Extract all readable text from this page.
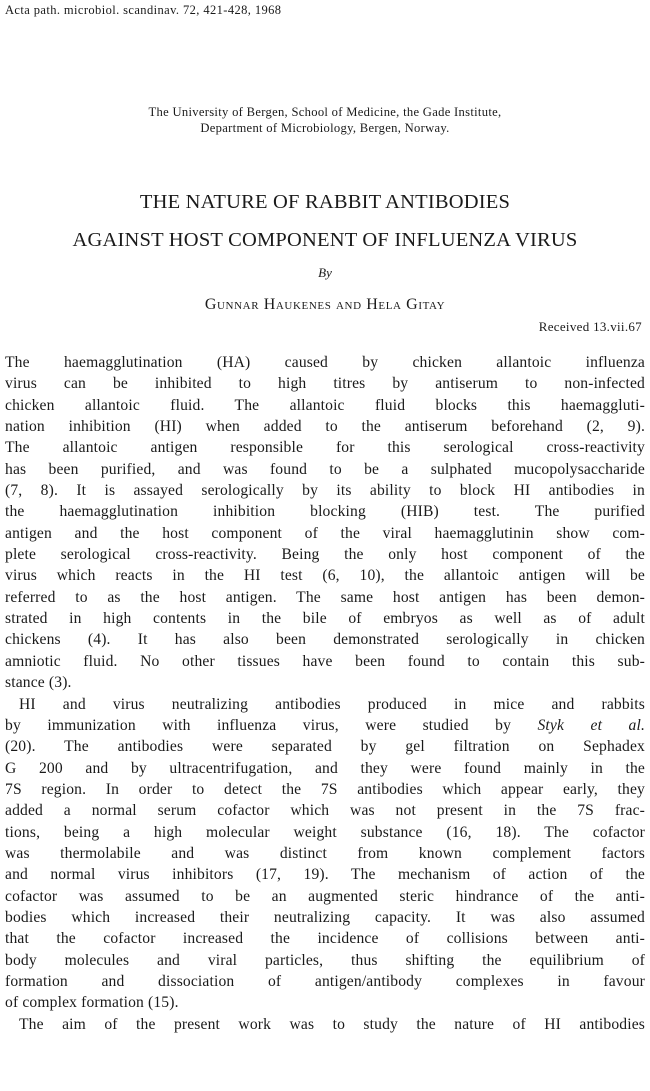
Acta path. microbiol. scandinav. 72, 421-428, 1968
The University of Bergen, School of Medicine, the Gade Institute,
Department of Microbiology, Bergen, Norway.
THE NATURE OF RABBIT ANTIBODIES
AGAINST HOST COMPONENT OF INFLUENZA VIRUS
By
Gunnar Haukenes and Hela Gitay
Received 13.vii.67
The haemagglutination (HA) caused by chicken allantoic influenza
virus can be inhibited to high titres by antiserum to non-infected
chicken allantoic fluid. The allantoic fluid blocks this haemaggluti-
nation inhibition (HI) when added to the antiserum beforehand (2, 9).
The allantoic antigen responsible for this serological cross-reactivity
has been purified, and was found to be a sulphated mucopolysaccharide
(7, 8). It is assayed serologically by its ability to block HI antibodies in
the haemagglutination inhibition blocking (HIB) test. The purified
antigen and the host component of the viral haemagglutinin show com-
plete serological cross-reactivity. Being the only host component of the
virus which reacts in the HI test (6, 10), the allantoic antigen will be
referred to as the host antigen. The same host antigen has been demon-
strated in high contents in the bile of embryos as well as of adult
chickens (4). It has also been demonstrated serologically in chicken
amniotic fluid. No other tissues have been found to contain this sub-
stance (3).
HI and virus neutralizing antibodies produced in mice and rabbits
by immunization with influenza virus, were studied by Styk et al.
(20). The antibodies were separated by gel filtration on Sephadex
G 200 and by ultracentrifugation, and they were found mainly in the
7S region. In order to detect the 7S antibodies which appear early, they
added a normal serum cofactor which was not present in the 7S frac-
tions, being a high molecular weight substance (16, 18). The cofactor
was thermolabile and was distinct from known complement factors
and normal virus inhibitors (17, 19). The mechanism of action of the
cofactor was assumed to be an augmented steric hindrance of the anti-
bodies which increased their neutralizing capacity. It was also assumed
that the cofactor increased the incidence of collisions between anti-
body molecules and viral particles, thus shifting the equilibrium of
formation and dissociation of antigen/antibody complexes in favour
of complex formation (15).
The aim of the present work was to study the nature of HI antibodies
